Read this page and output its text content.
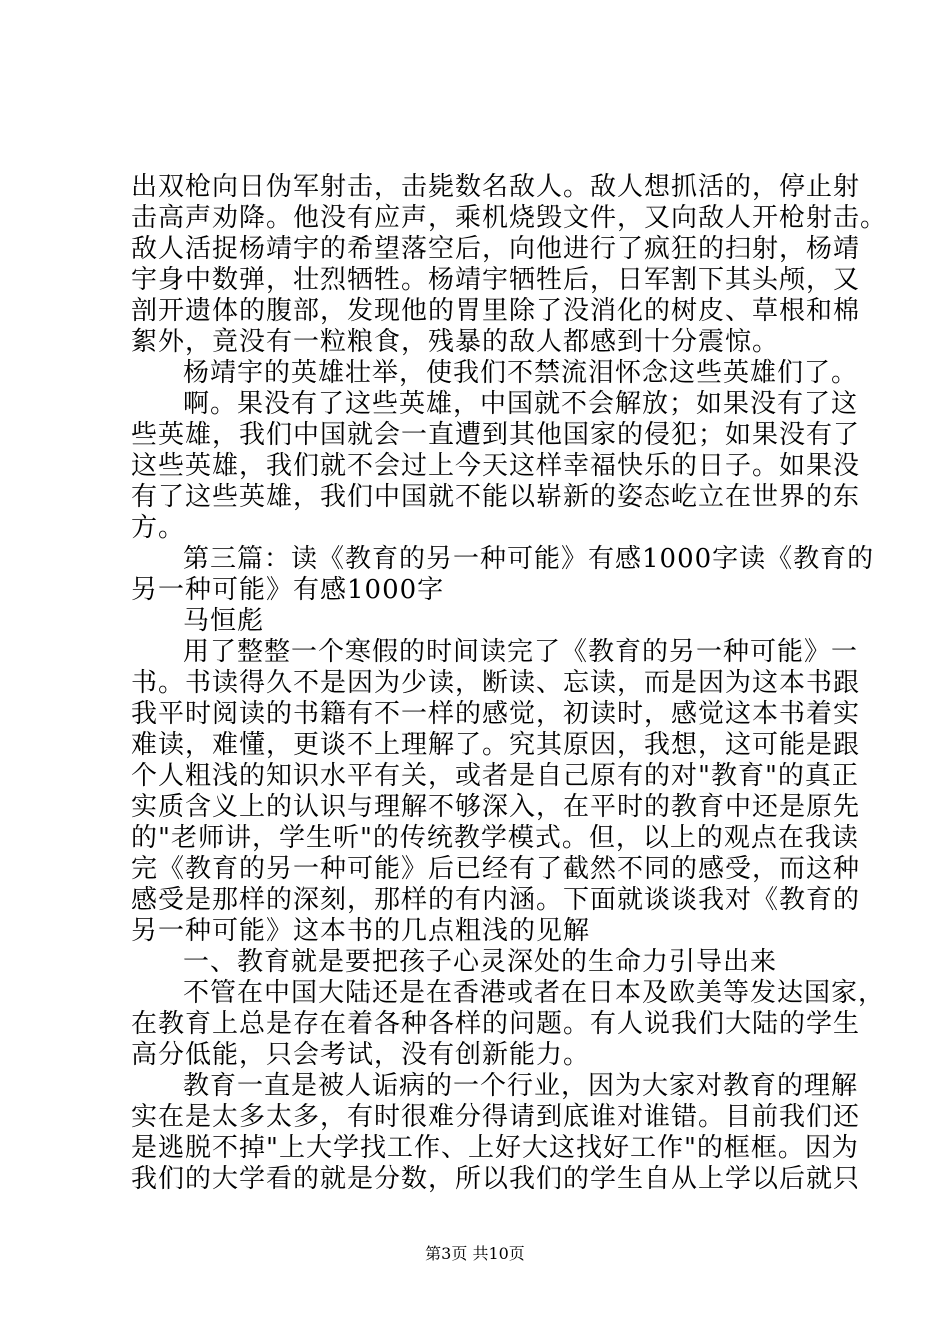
出双枪向日伪军射击，击毙数名敌人。敌人想抓活的，停止射
击高声劝降。他没有应声，乘机烧毁文件，又向敌人开枪射击。
敌人活捉杨靖宇的希望落空后，向他进行了疯狂的扫射，杨靖
宇身中数弹，壮烈牺牲。杨靖宇牺牲后，日军割下其头颅，又
剖开遗体的腹部，发现他的胃里除了没消化的树皮、草根和棉
絮外，竟没有一粒粮食，残暴的敌人都感到十分震惊。
杨靖宇的英雄壮举，使我们不禁流泪怀念这些英雄们了。
啊。果没有了这些英雄，中国就不会解放；如果没有了这
些英雄，我们中国就会一直遭到其他国家的侵犯；如果没有了
这些英雄，我们就不会过上今天这样幸福快乐的日子。如果没
有了这些英雄，我们中国就不能以崭新的姿态屹立在世界的东
方。
第三篇：读《教育的另一种可能》有感1000字读《教育的
另一种可能》有感1000字
马恒彪
用了整整一个寒假的时间读完了《教育的另一种可能》一
书。书读得久不是因为少读，断读、忘读，而是因为这本书跟
我平时阅读的书籍有不一样的感觉，初读时，感觉这本书着实
难读，难懂，更谈不上理解了。究其原因，我想，这可能是跟
个人粗浅的知识水平有关，或者是自己原有的对"教育"的真正
实质含义上的认识与理解不够深入，在平时的教育中还是原先
的"老师讲，学生听"的传统教学模式。但，以上的观点在我读
完《教育的另一种可能》后已经有了截然不同的感受，而这种
感受是那样的深刻，那样的有内涵。下面就谈谈我对《教育的
另一种可能》这本书的几点粗浅的见解
一、教育就是要把孩子心灵深处的生命力引导出来
不管在中国大陆还是在香港或者在日本及欧美等发达国家，
在教育上总是存在着各种各样的问题。有人说我们大陆的学生
高分低能，只会考试，没有创新能力。
教育一直是被人诟病的一个行业，因为大家对教育的理解
实在是太多太多，有时很难分得请到底谁对谁错。目前我们还
是逃脱不掉"上大学找工作、上好大这找好工作"的框框。因为
我们的大学看的就是分数，所以我们的学生自从上学以后就只
第3页 共10页
